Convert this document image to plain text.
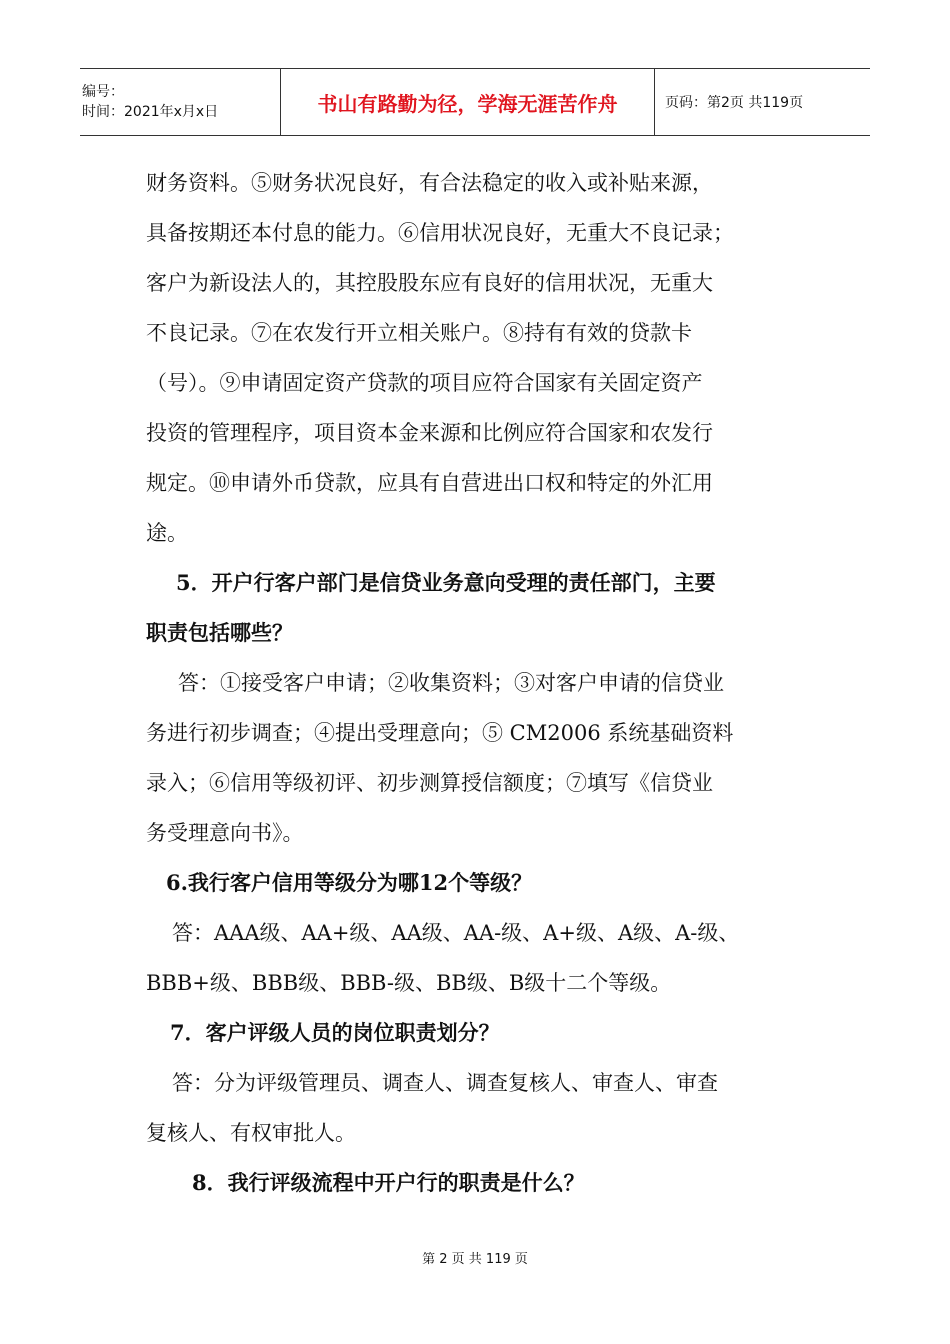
编号：
时间：2021年x月x日	书山有路勤为径，学海无涯苦作舟	页码：第2页 共119页

财务资料。⑤财务状况良好，有合法稳定的收入或补贴来源，

具备按期还本付息的能力。⑥信用状况良好，无重大不良记录；

客户为新设法人的，其控股股东应有良好的信用状况，无重大

不良记录。⑦在农发行开立相关账户。⑧持有有效的贷款卡

（号）。⑨申请固定资产贷款的项目应符合国家有关固定资产

投资的管理程序，项目资本金来源和比例应符合国家和农发行

规定。⑩申请外币贷款，应具有自营进出口权和特定的外汇用

途。

5．开户行客户部门是信贷业务意向受理的责任部门，主要

职责包括哪些？

答：①接受客户申请；②收集资料；③对客户申请的信贷业

务进行初步调查；④提出受理意向；⑤ CM2006 系统基础资料

录入；⑥信用等级初评、初步测算授信额度；⑦填写《信贷业

务受理意向书》。

6.我行客户信用等级分为哪12个等级？

答：AAA级、AA+级、AA级、AA-级、A+级、A级、A-级、

BBB+级、BBB级、BBB-级、BB级、B级十二个等级。

7．客户评级人员的岗位职责划分？

答：分为评级管理员、调查人、调查复核人、审查人、审查

复核人、有权审批人。

8．我行评级流程中开户行的职责是什么？

第 2 页 共 119 页
